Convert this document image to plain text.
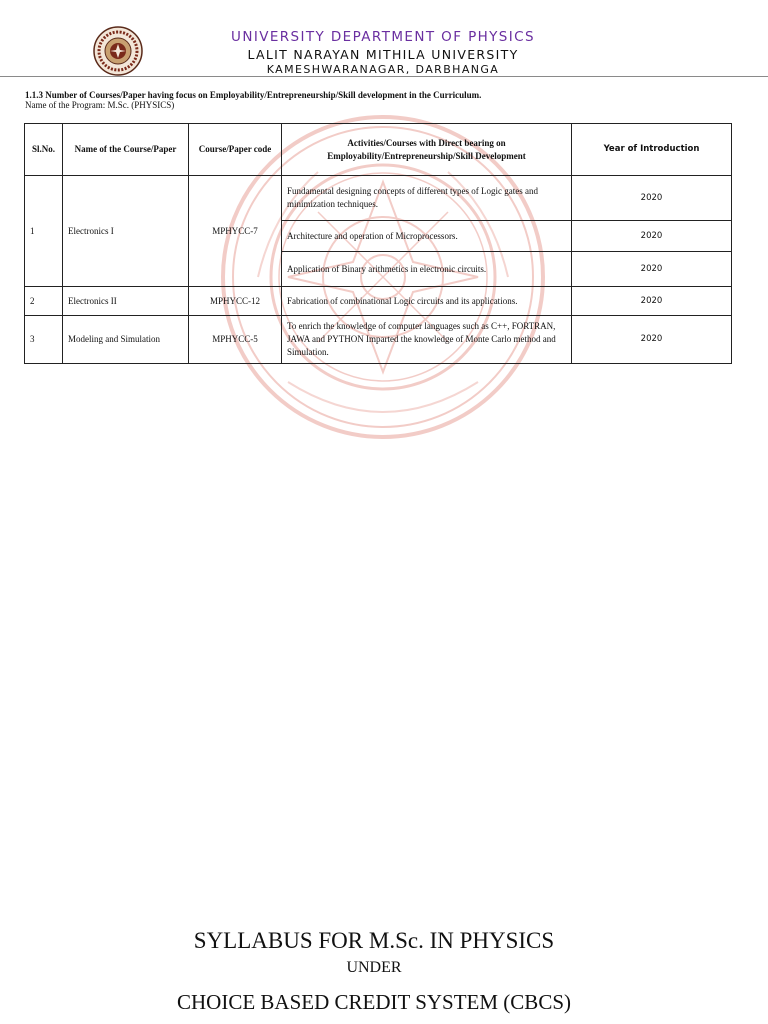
UNIVERSITY DEPARTMENT OF PHYSICS
LALIT NARAYAN MITHILA UNIVERSITY
KAMESHWARANAGAR, DARBHANGA
1.1.3 Number of Courses/Paper having focus on Employability/Entrepreneurship/Skill development in the Curriculum.
Name of the Program: M.Sc. (PHYSICS)
Sl.No.	Name of the Course/Paper	Course/Paper code	Activities/Courses with Direct bearing on
Employability/Entrepreneurship/Skill Development	Year of Introduction
1	Electronics I	MPHYCC-7	Fundamental designing concepts of different types of Logic gates and minimization techniques.	2020
			Architecture and operation of Microprocessors.	2020
			Application of Binary arithmetics in electronic circuits.	2020
2	Electronics II	MPHYCC-12	Fabrication of combinational Logic circuits and its applications.	2020
3	Modeling and Simulation	MPHYCC-5	To enrich the knowledge of computer languages such as C++, FORTRAN, JAWA and PYTHON Imparted the knowledge of Monte Carlo method and Simulation.	2020
SYLLABUS FOR M.Sc. IN PHYSICS
UNDER
CHOICE BASED CREDIT SYSTEM (CBCS)
